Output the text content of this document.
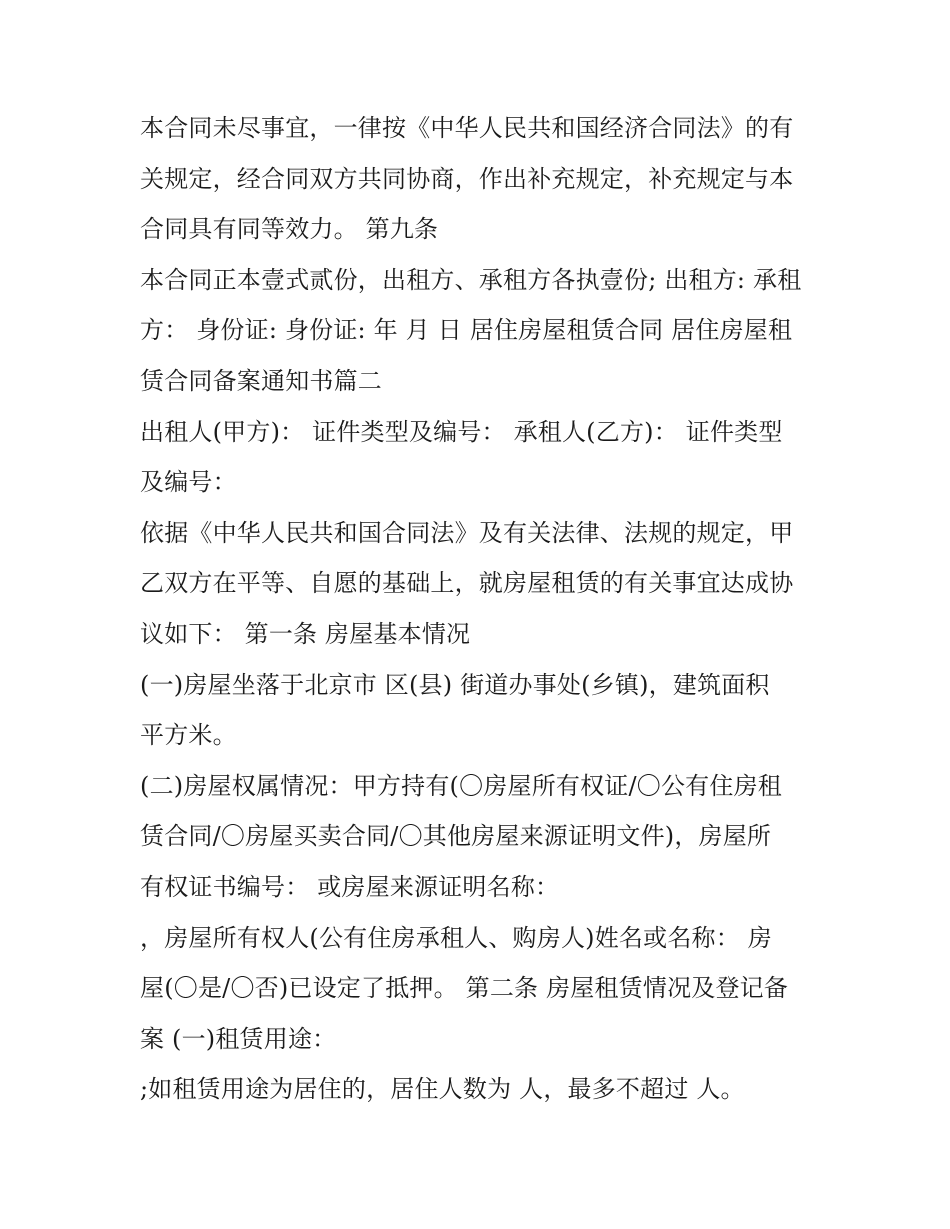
本合同未尽事宜，一律按《中华人民共和国经济合同法》的有
关规定，经合同双方共同协商，作出补充规定，补充规定与本
合同具有同等效力。 第九条
本合同正本壹式贰份，出租方、承租方各执壹份; 出租方: 承租
方： 身份证: 身份证: 年 月 日 居住房屋租赁合同 居住房屋租
赁合同备案通知书篇二
出租人(甲方)： 证件类型及编号： 承租人(乙方)： 证件类型
及编号：
依据《中华人民共和国合同法》及有关法律、法规的规定，甲
乙双方在平等、自愿的基础上，就房屋租赁的有关事宜达成协
议如下： 第一条 房屋基本情况
(一)房屋坐落于北京市 区(县) 街道办事处(乡镇)，建筑面积
平方米。
(二)房屋权属情况：甲方持有(〇房屋所有权证/〇公有住房租
赁合同/〇房屋买卖合同/〇其他房屋来源证明文件)，房屋所
有权证书编号： 或房屋来源证明名称：
，房屋所有权人(公有住房承租人、购房人)姓名或名称： 房
屋(〇是/〇否)已设定了抵押。 第二条 房屋租赁情况及登记备
案 (一)租赁用途：
;如租赁用途为居住的，居住人数为 人，最多不超过 人。
